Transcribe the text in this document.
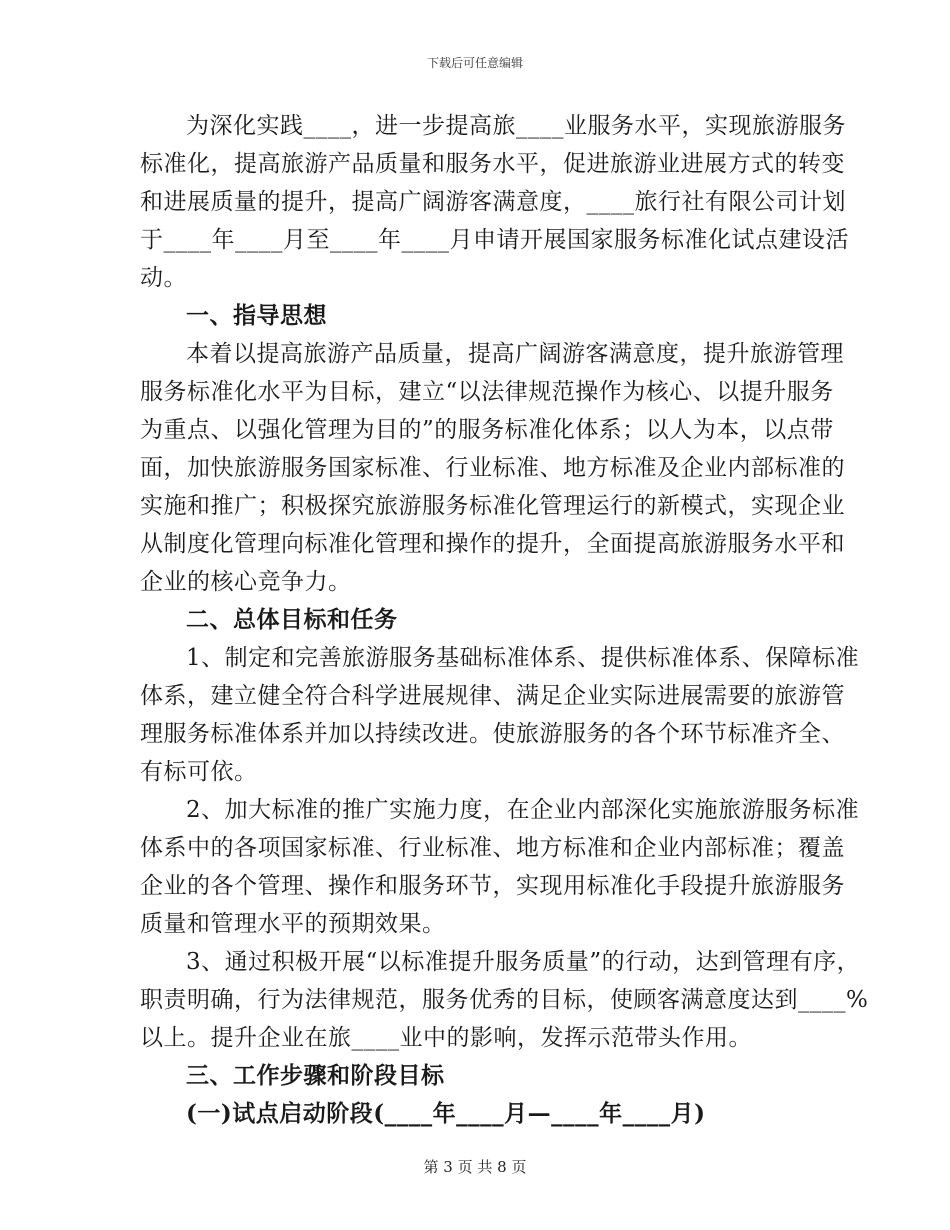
下载后可任意编辑
为深化实践____，进一步提高旅____业服务水平，实现旅游服务
标准化，提高旅游产品质量和服务水平，促进旅游业进展方式的转变
和进展质量的提升，提高广阔游客满意度，____旅行社有限公司计划
于____年____月至____年____月申请开展国家服务标准化试点建设活
动。
一、指导思想
本着以提高旅游产品质量，提高广阔游客满意度，提升旅游管理
服务标准化水平为目标，建立“以法律规范操作为核心、以提升服务
为重点、以强化管理为目的”的服务标准化体系；以人为本，以点带
面，加快旅游服务国家标准、行业标准、地方标准及企业内部标准的
实施和推广；积极探究旅游服务标准化管理运行的新模式，实现企业
从制度化管理向标准化管理和操作的提升，全面提高旅游服务水平和
企业的核心竞争力。
二、总体目标和任务
1、制定和完善旅游服务基础标准体系、提供标准体系、保障标准
体系，建立健全符合科学进展规律、满足企业实际进展需要的旅游管
理服务标准体系并加以持续改进。使旅游服务的各个环节标准齐全、
有标可依。
2、加大标准的推广实施力度，在企业内部深化实施旅游服务标准
体系中的各项国家标准、行业标准、地方标准和企业内部标准；覆盖
企业的各个管理、操作和服务环节，实现用标准化手段提升旅游服务
质量和管理水平的预期效果。
3、通过积极开展“以标准提升服务质量”的行动，达到管理有序，
职责明确，行为法律规范，服务优秀的目标，使顾客满意度达到____%
以上。提升企业在旅____业中的影响，发挥示范带头作用。
三、工作步骤和阶段目标
(一)试点启动阶段(____年____月—____年____月)
第 3 页 共 8 页
